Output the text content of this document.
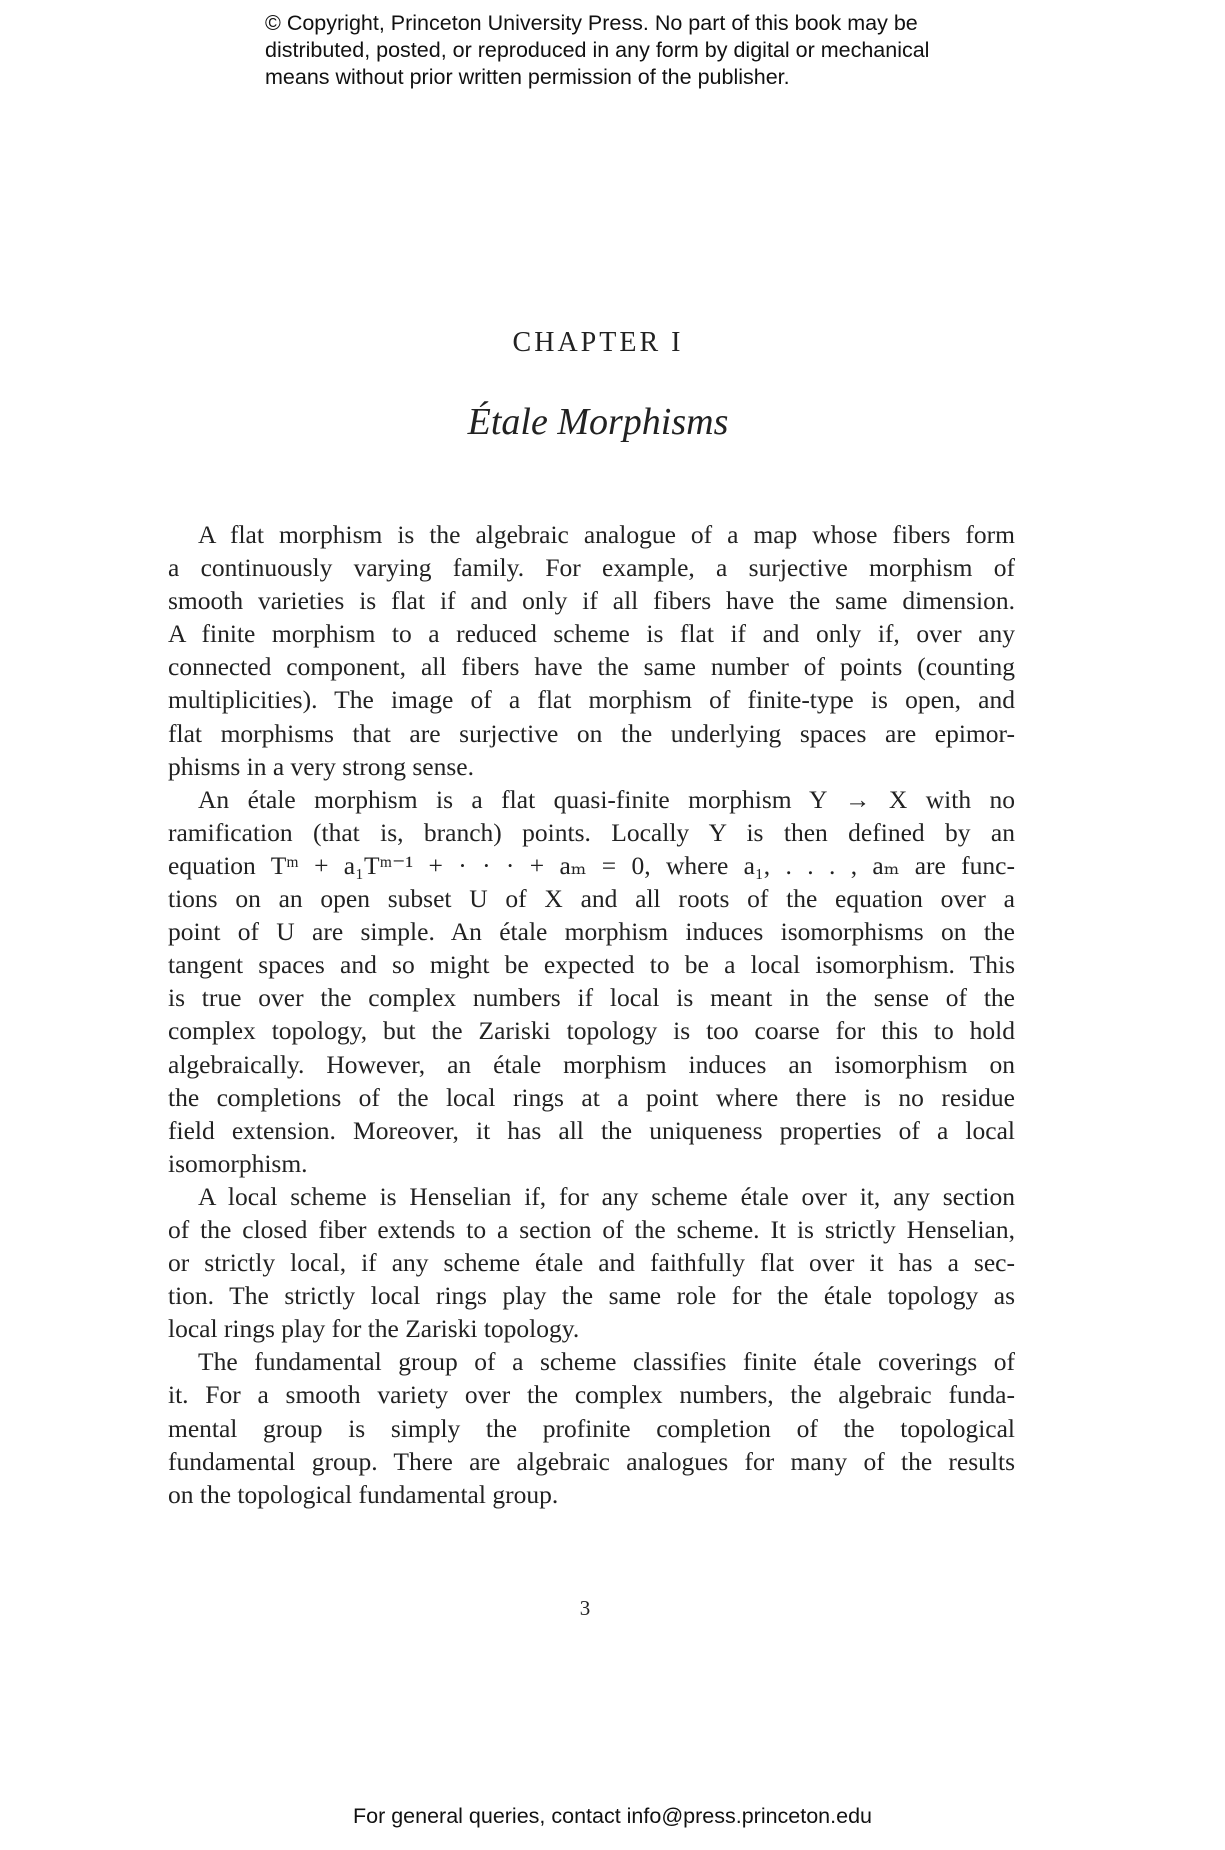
© Copyright, Princeton University Press. No part of this book may be
distributed, posted, or reproduced in any form by digital or mechanical
means without prior written permission of the publisher.
CHAPTER I
Étale Morphisms
A flat morphism is the algebraic analogue of a map whose fibers form
a continuously varying family. For example, a surjective morphism of
smooth varieties is flat if and only if all fibers have the same dimension.
A finite morphism to a reduced scheme is flat if and only if, over any
connected component, all fibers have the same number of points (counting
multiplicities). The image of a flat morphism of finite-type is open, and
flat morphisms that are surjective on the underlying spaces are epimor-
phisms in a very strong sense.
An étale morphism is a flat quasi-finite morphism Y → X with no
ramification (that is, branch) points. Locally Y is then defined by an
equation Tᵐ + a₁Tᵐ⁻¹ + · · · + aₘ = 0, where a₁, . . . , aₘ are func-
tions on an open subset U of X and all roots of the equation over a
point of U are simple. An étale morphism induces isomorphisms on the
tangent spaces and so might be expected to be a local isomorphism. This
is true over the complex numbers if local is meant in the sense of the
complex topology, but the Zariski topology is too coarse for this to hold
algebraically. However, an étale morphism induces an isomorphism on
the completions of the local rings at a point where there is no residue
field extension. Moreover, it has all the uniqueness properties of a local
isomorphism.
A local scheme is Henselian if, for any scheme étale over it, any section
of the closed fiber extends to a section of the scheme. It is strictly Henselian,
or strictly local, if any scheme étale and faithfully flat over it has a sec-
tion. The strictly local rings play the same role for the étale topology as
local rings play for the Zariski topology.
The fundamental group of a scheme classifies finite étale coverings of
it. For a smooth variety over the complex numbers, the algebraic funda-
mental group is simply the profinite completion of the topological
fundamental group. There are algebraic analogues for many of the results
on the topological fundamental group.
3
For general queries, contact info@press.princeton.edu
